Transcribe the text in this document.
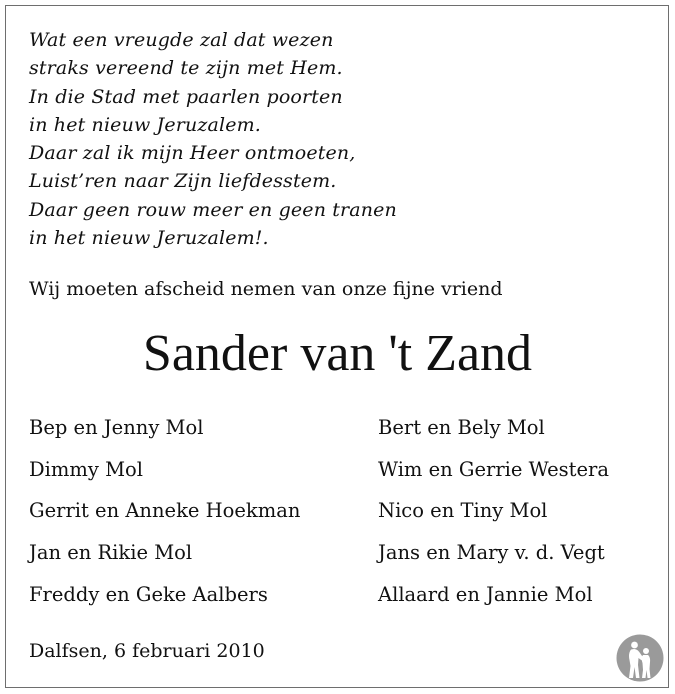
Wat een vreugde zal dat wezen
straks vereend te zijn met Hem.
In die Stad met paarlen poorten
in het nieuw Jeruzalem.
Daar zal ik mijn Heer ontmoeten,
Luist’ren naar Zijn liefdesstem.
Daar geen rouw meer en geen tranen
in het nieuw Jeruzalem!.
Wij moeten afscheid nemen van onze fijne vriend
Sander van 't Zand
Bep en Jenny Mol
Dimmy Mol
Gerrit en Anneke Hoekman
Jan en Rikie Mol
Freddy en Geke Aalbers
Bert en Bely Mol
Wim en Gerrie Westera
Nico en Tiny Mol
Jans en Mary v. d. Vegt
Allaard en Jannie Mol
Dalfsen, 6 februari 2010
